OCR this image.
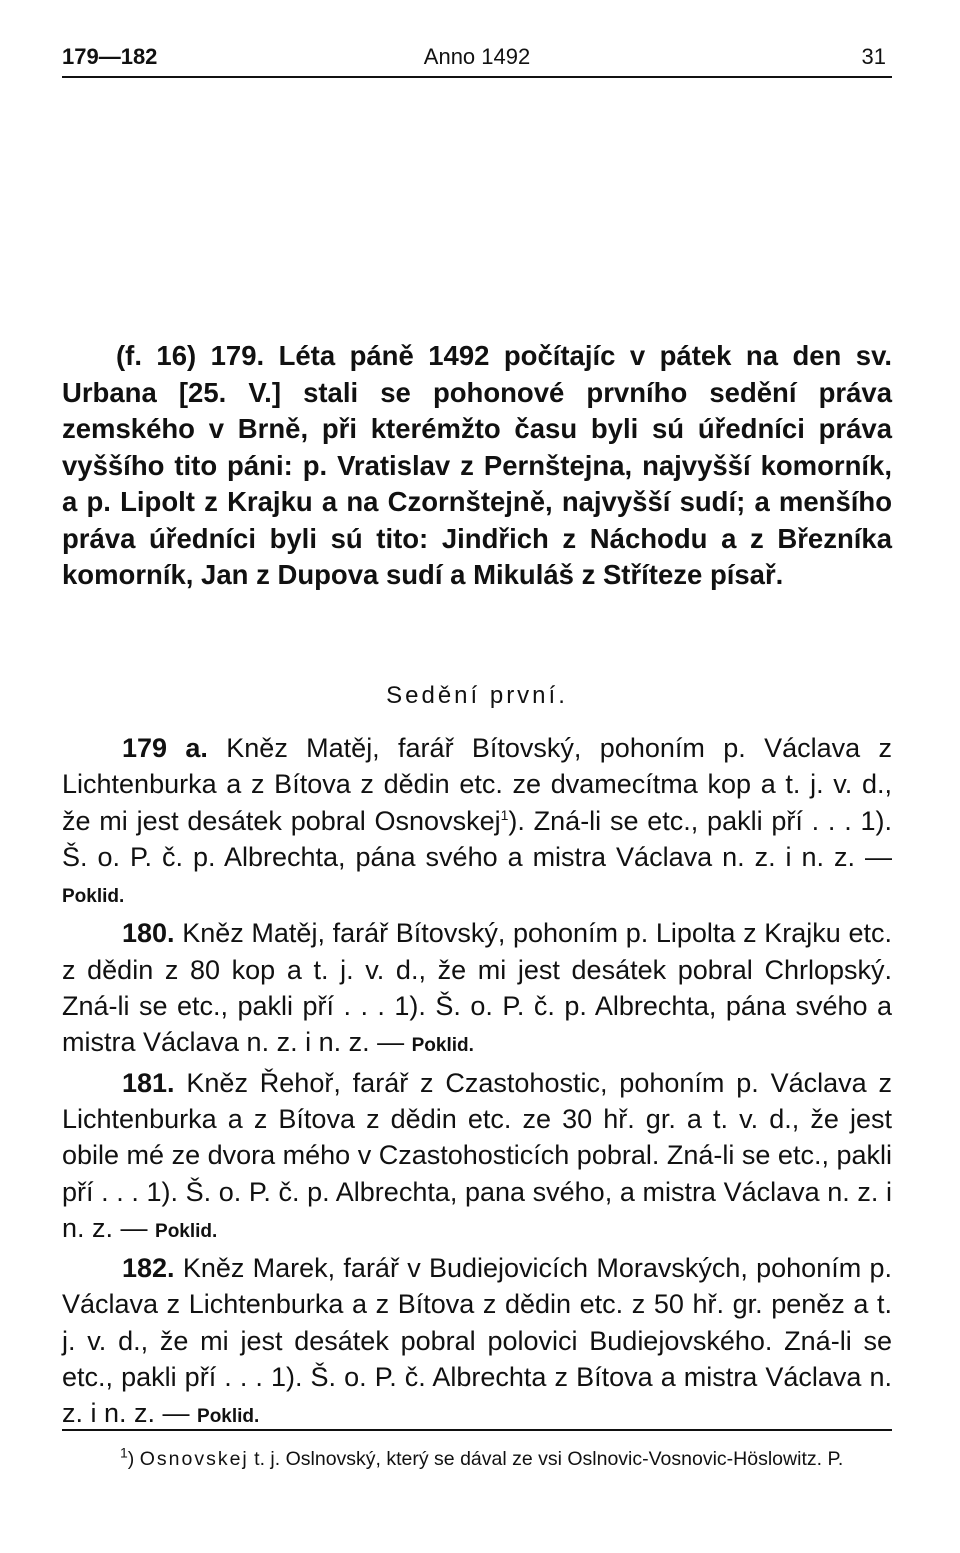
179—182	Anno 1492	31
(f. 16) 179. Léta páně 1492 počítajíc v pátek na den sv. Urbana [25. V.] stali se pohonové prvního sedění práva zemského v Brně, při kterémžto času byli sú úředníci práva vyššího tito páni: p. Vratislav z Pernštejna, najvyšší komorník, a p. Lipolt z Krajku a na Czornštejně, najvyšší sudí; a menšího práva úředníci byli sú tito: Jindřich z Náchodu a z Březníka komorník, Jan z Dupova sudí a Mikuláš z Stříteze písař.
Sedění první.

179 a. Kněz Matěj, farář Bítovský, pohoním p. Václava z Lichtenburka a z Bítova z dědin etc. ze dvamecítma kop a t. j. v. d., že mi jest desátek pobral Osnovskej$^1$). Zná-li se etc., pakli pří . . . 1). Š. o. P. č. p. Albrechta, pána svého a mistra Václava n. z. i n. z. — Poklid.

180. Kněz Matěj, farář Bítovský, pohoním p. Lipolta z Krajku etc. z dědin z 80 kop a t. j. v. d., že mi jest desátek pobral Chrlopský. Zná-li se etc., pakli pří . . . 1). Š. o. P. č. p. Albrechta, pána svého a mistra Václava n. z. i n. z. — Poklid.

181. Kněz Řehoř, farář z Czastohostic, pohoním p. Václava z Lichtenburka a z Bítova z dědin etc. ze 30 hř. gr. a t. v. d., že jest obile mé ze dvora mého v Czastohosticích pobral. Zná-li se etc., pakli pří . . . 1). Š. o. P. č. p. Albrechta, pana svého, a mistra Václava n. z. i n. z. — Poklid.

182. Kněz Marek, farář v Budiejovicích Moravských, pohoním p. Václava z Lichtenburka a z Bítova z dědin etc. z 50 hř. gr. peněz a t. j. v. d., že mi jest desátek pobral polovici Budiejovského. Zná-li se etc., pakli pří . . . 1). Š. o. P. č. Albrechta z Bítova a mistra Václava n. z. i n. z. — Poklid.

$^1$) Osnovskej t. j. Oslnovský, který se dával ze vsi Oslnovic-Vosnovic-Höslowitz. P.
